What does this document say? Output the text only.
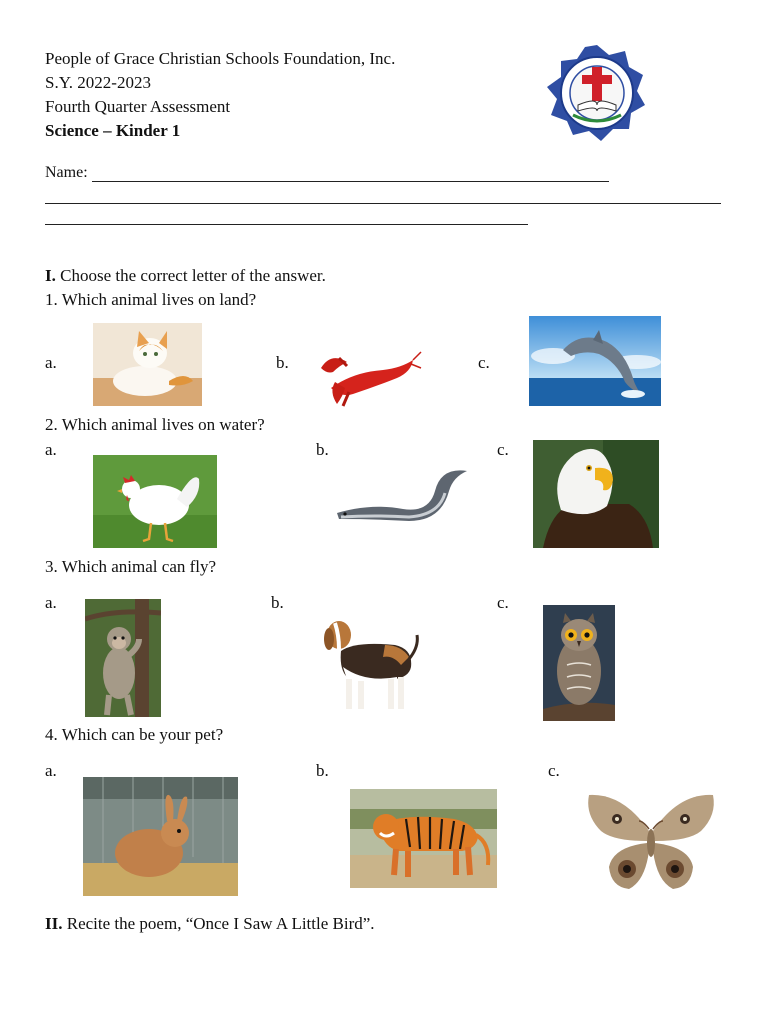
People of Grace Christian Schools Foundation, Inc.
S.Y. 2022-2023
Fourth Quarter Assessment
Science – Kinder 1
Name:
I. Choose the correct letter of the answer.
1. Which animal lives on land?
a.	b.	c.
2. Which animal lives on water?
a.	b.	c.
3. Which animal can fly?
a.	b.	c.
4. Which can be your pet?
a.	b.	c.
II. Recite the poem, “Once I Saw A Little Bird”.
